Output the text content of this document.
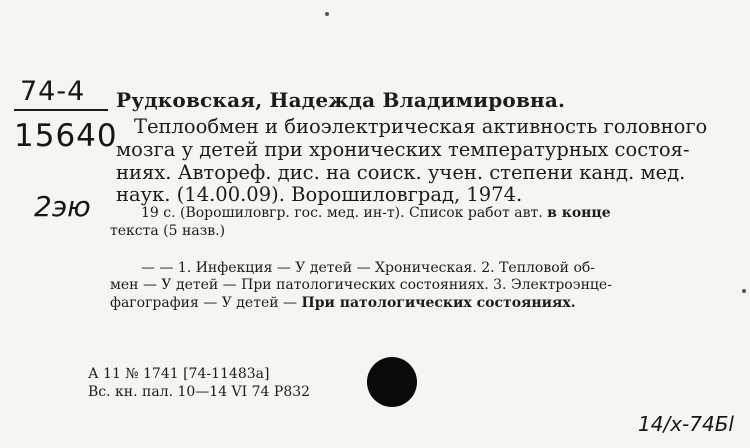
74-4
15640
2эю
Рудковская, Надежда Владимировна.
Теплообмен и биоэлектрическая активность головного
мозга у детей при хронических температурных состоя-
ниях. Автореф. дис. на соиск. учен. степени канд. мед.
наук. (14.00.09). Ворошиловград, 1974.
19 с. (Ворошиловгр. гос. мед. ин-т). Список работ авт. в конце
текста (5 назв.)
— — 1. Инфекция — У детей — Хроническая. 2. Тепловой об-
мен — У детей — При патологических состояниях. 3. Электроэнце-
фагография — У детей — При патологических состояниях.
А 11 № 1741 [74-11483а]
Вс. кн. пал. 10—14 VI 74 Р832
14/х-74Бl
